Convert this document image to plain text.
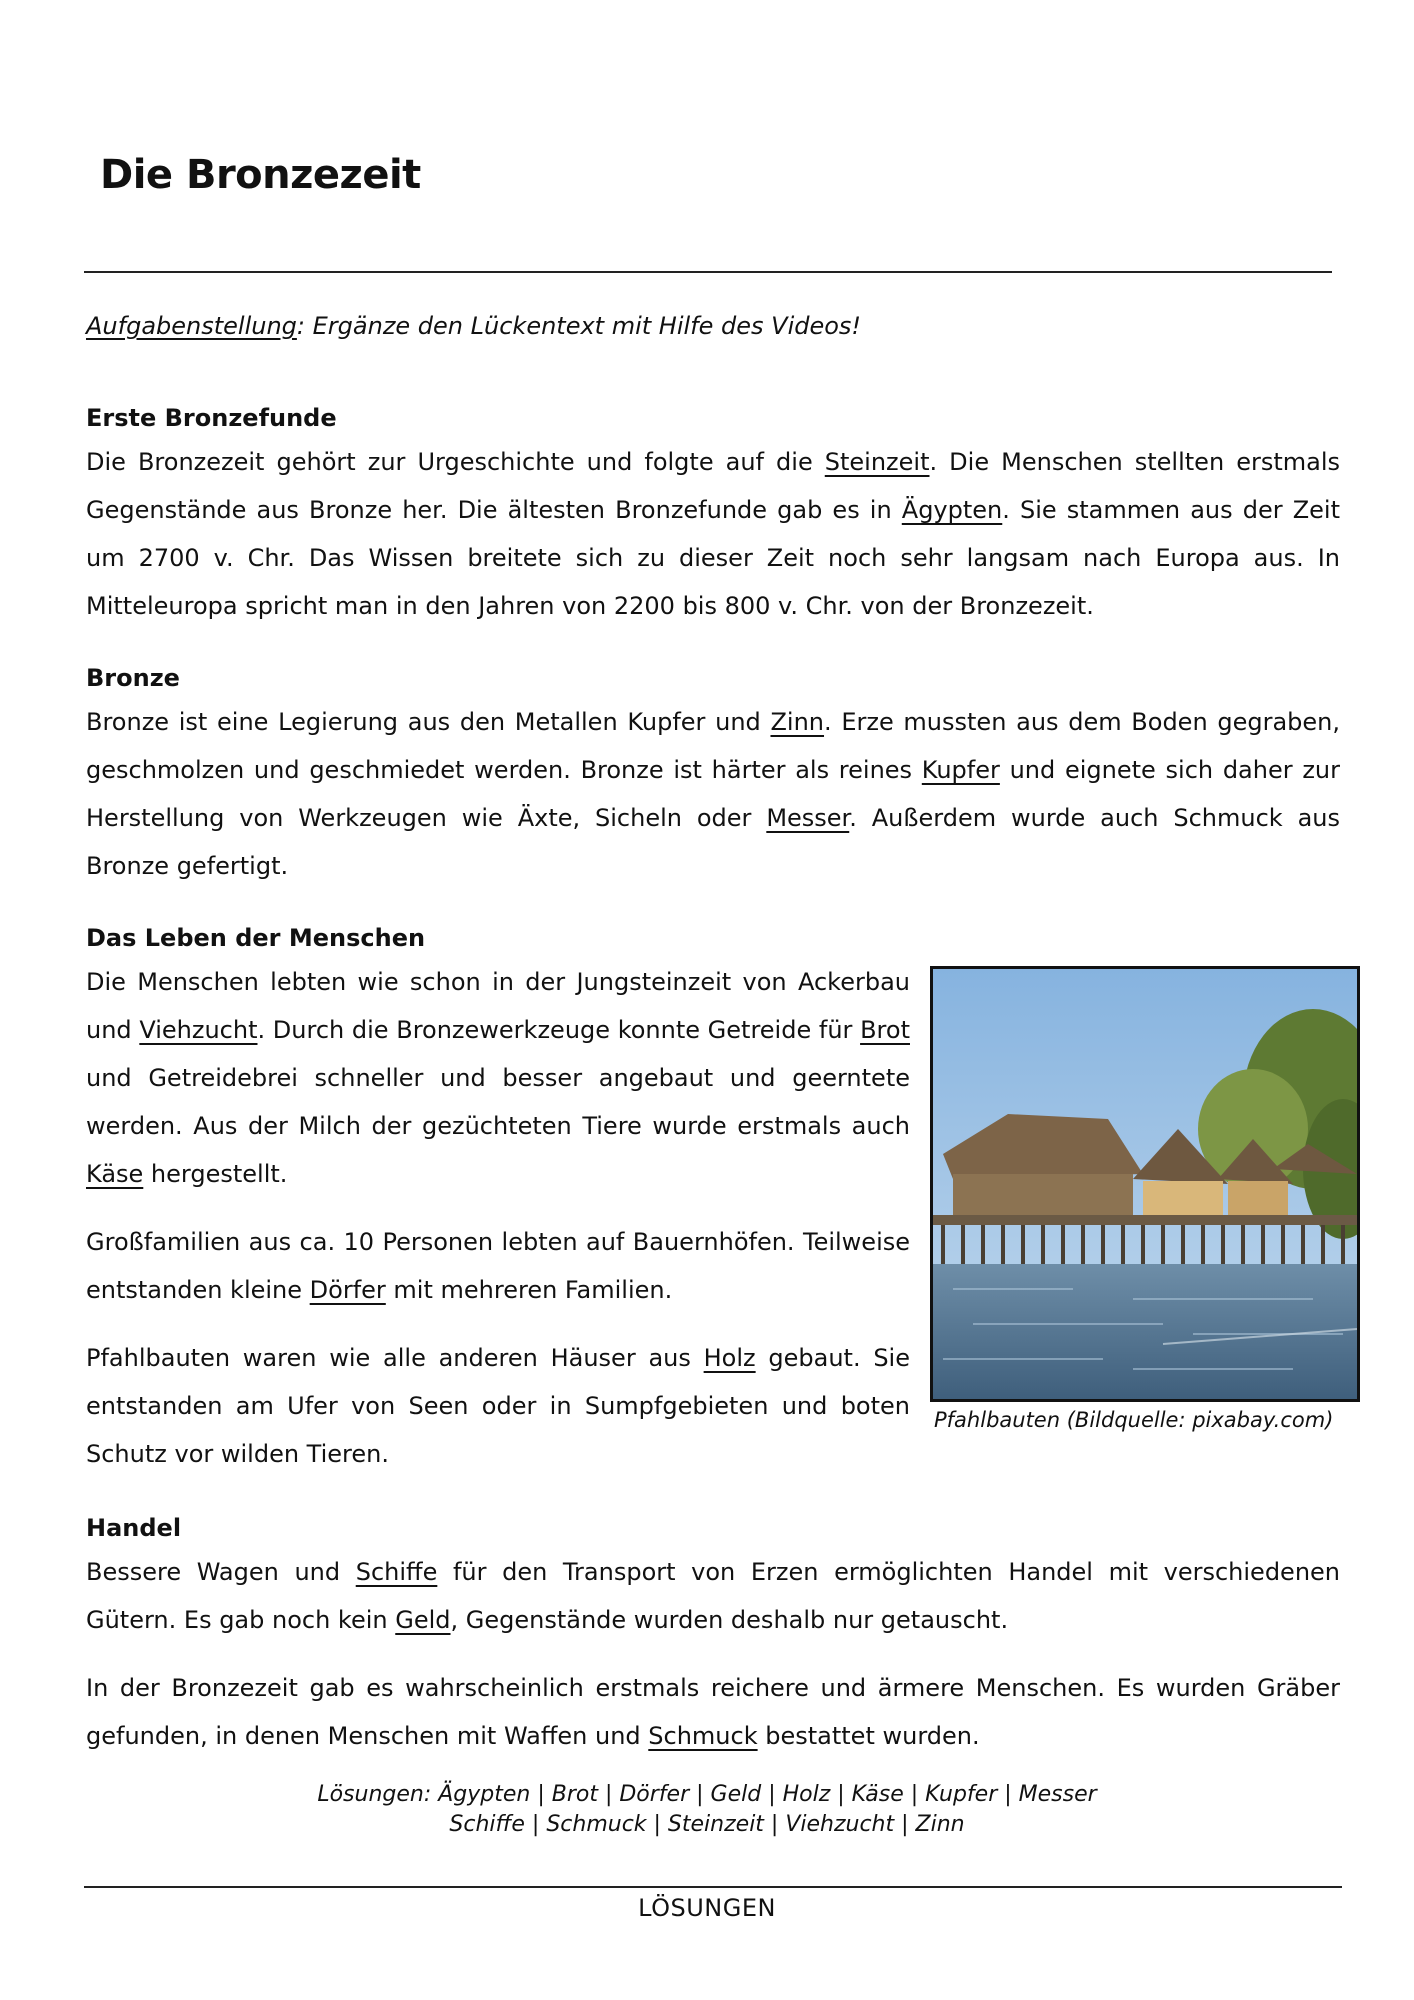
Die Bronzezeit
Aufgabenstellung: Ergänze den Lückentext mit Hilfe des Videos!

Erste Bronzefunde

Die Bronzezeit gehört zur Urgeschichte und folgte auf die Steinzeit. Die Menschen stellten erstmals Gegenstände aus Bronze her. Die ältesten Bronzefunde gab es in Ägypten. Sie stammen aus der Zeit um 2700 v. Chr. Das Wissen breitete sich zu dieser Zeit noch sehr langsam nach Europa aus. In Mitteleuropa spricht man in den Jahren von 2200 bis 800 v. Chr. von der Bronzezeit.

Bronze

Bronze ist eine Legierung aus den Metallen Kupfer und Zinn. Erze mussten aus dem Boden gegraben, geschmolzen und geschmiedet werden. Bronze ist härter als reines Kupfer und eignete sich daher zur Herstellung von Werkzeugen wie Äxte, Sicheln oder Messer. Außerdem wurde auch Schmuck aus Bronze gefertigt.

Das Leben der Menschen

Die Menschen lebten wie schon in der Jungsteinzeit von Ackerbau und Viehzucht. Durch die Bronzewerkzeuge konnte Getreide für Brot und Getreidebrei schneller und besser angebaut und geerntete werden. Aus der Milch der gezüchteten Tiere wurde erstmals auch Käse hergestellt.

Großfamilien aus ca. 10 Personen lebten auf Bauernhöfen. Teilweise entstanden kleine Dörfer mit mehreren Familien.

Pfahlbauten waren wie alle anderen Häuser aus Holz gebaut. Sie entstanden am Ufer von Seen oder in Sumpfgebieten und boten Schutz vor wilden Tieren.

Pfahlbauten (Bildquelle: pixabay.com)

Handel

Bessere Wagen und Schiffe für den Transport von Erzen ermöglichten Handel mit verschiedenen Gütern. Es gab noch kein Geld, Gegenstände wurden deshalb nur getauscht.

In der Bronzezeit gab es wahrscheinlich erstmals reichere und ärmere Menschen. Es wurden Gräber gefunden, in denen Menschen mit Waffen und Schmuck bestattet wurden.

Lösungen: Ägypten | Brot | Dörfer | Geld | Holz | Käse | Kupfer | Messer
Schiffe | Schmuck | Steinzeit | Viehzucht | Zinn
LÖSUNGEN
